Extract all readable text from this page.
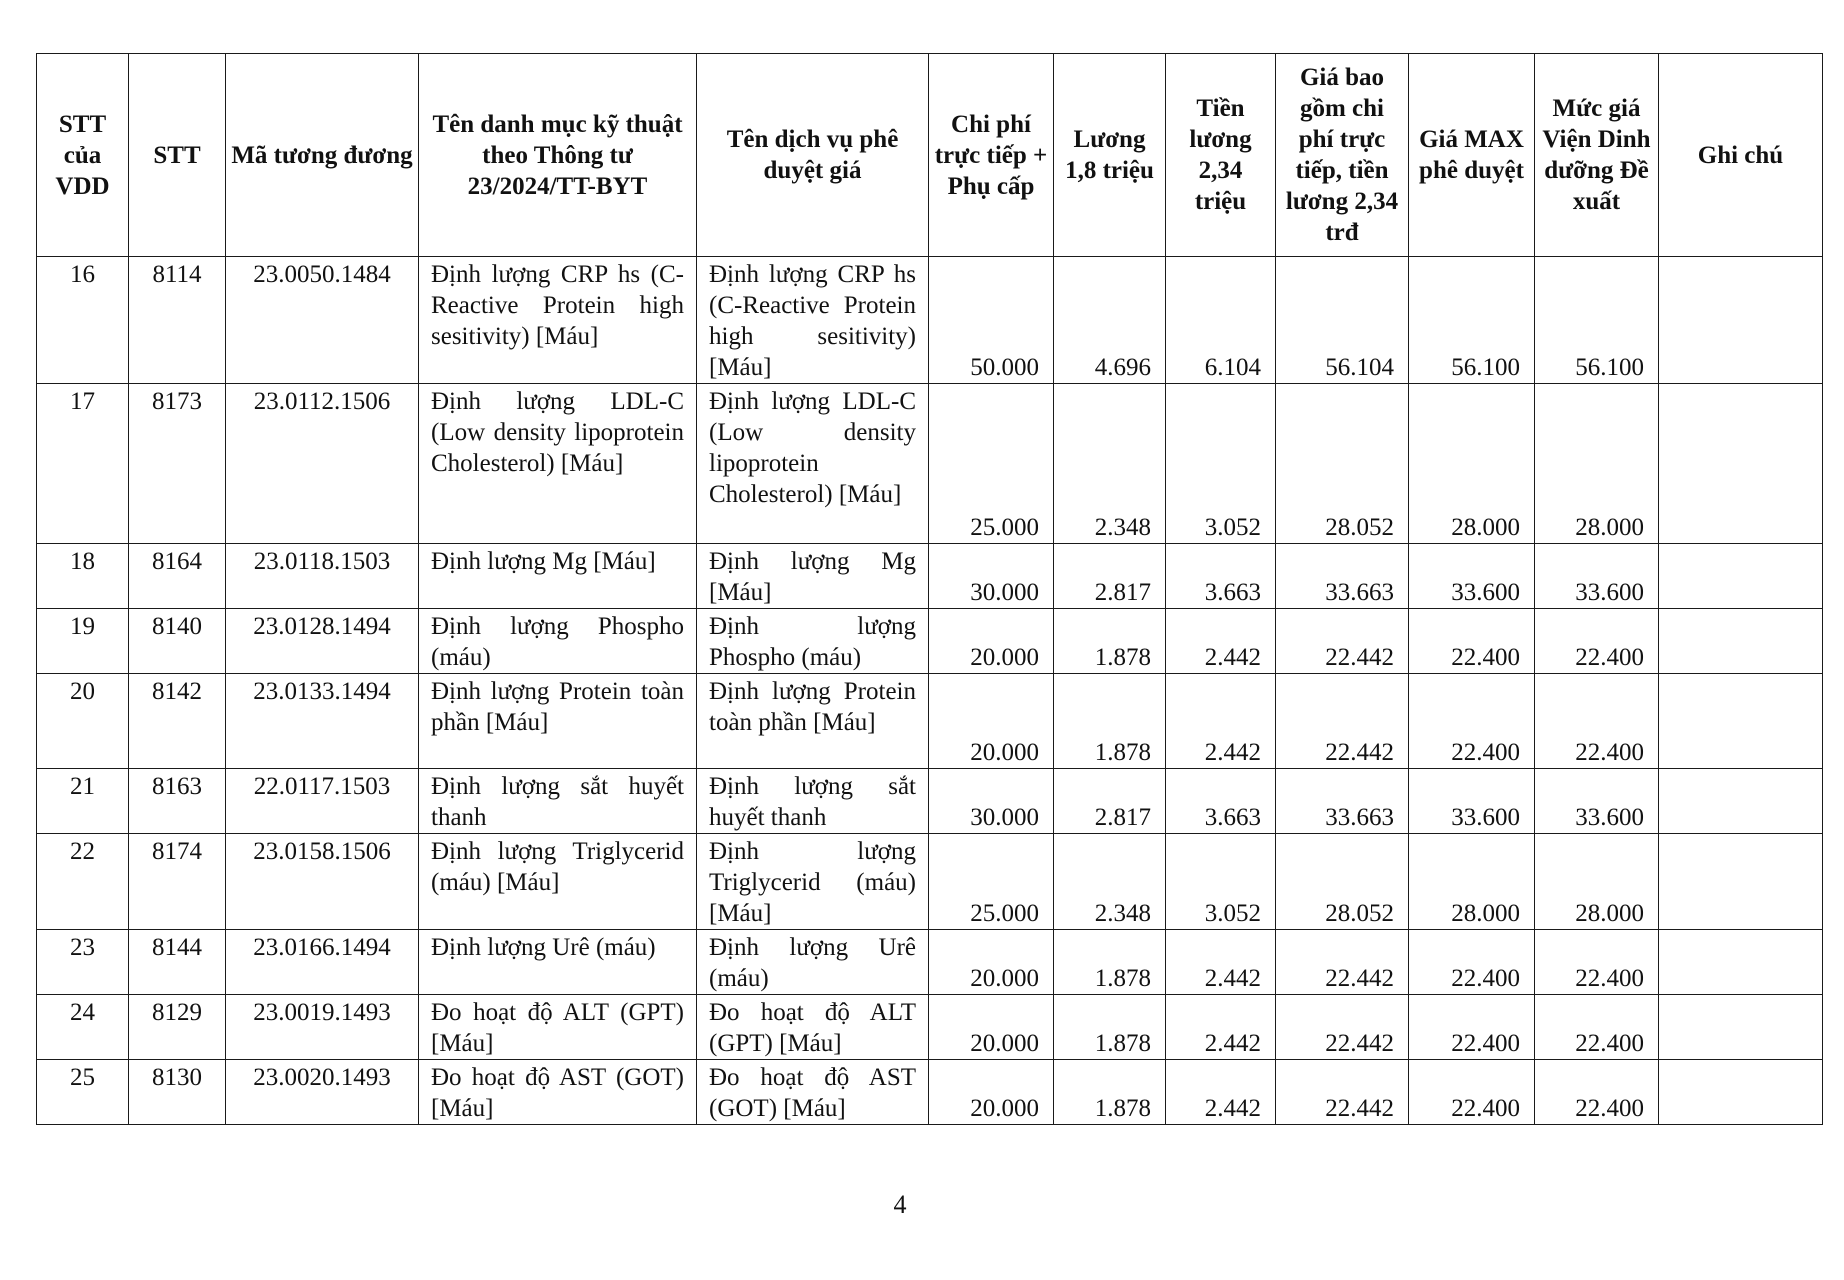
STT của VDD	STT	Mã tương đương	Tên danh mục kỹ thuật theo Thông tư 23/2024/TT-BYT	Tên dịch vụ phê duyệt giá	Chi phí trực tiếp + Phụ cấp	Lương 1,8 triệu	Tiền lương 2,34 triệu	Giá bao gồm chi phí trực tiếp, tiền lương 2,34 trđ	Giá MAX phê duyệt	Mức giá Viện Dinh dưỡng Đề xuất	Ghi chú
16	8114	23.0050.1484	Định lượng CRP hs (C-Reactive Protein high sesitivity) [Máu]	Định lượng CRP hs (C-Reactive Protein high sesitivity) [Máu]	50.000	4.696	6.104	56.104	56.100	56.100	
17	8173	23.0112.1506	Định lượng LDL-C (Low density lipoprotein Cholesterol) [Máu]	Định lượng LDL-C (Low density lipoprotein Cholesterol) [Máu]	25.000	2.348	3.052	28.052	28.000	28.000	
18	8164	23.0118.1503	Định lượng Mg [Máu]	Định lượng Mg [Máu]	30.000	2.817	3.663	33.663	33.600	33.600	
19	8140	23.0128.1494	Định lượng Phospho (máu)	Định lượng Phospho (máu)	20.000	1.878	2.442	22.442	22.400	22.400	
20	8142	23.0133.1494	Định lượng Protein toàn phần [Máu]	Định lượng Protein toàn phần [Máu]	20.000	1.878	2.442	22.442	22.400	22.400	
21	8163	22.0117.1503	Định lượng sắt huyết thanh	Định lượng sắt huyết thanh	30.000	2.817	3.663	33.663	33.600	33.600	
22	8174	23.0158.1506	Định lượng Triglycerid (máu) [Máu]	Định lượng Triglycerid (máu) [Máu]	25.000	2.348	3.052	28.052	28.000	28.000	
23	8144	23.0166.1494	Định lượng Urê (máu)	Định lượng Urê (máu)	20.000	1.878	2.442	22.442	22.400	22.400	
24	8129	23.0019.1493	Đo hoạt độ ALT (GPT) [Máu]	Đo hoạt độ ALT (GPT) [Máu]	20.000	1.878	2.442	22.442	22.400	22.400	
25	8130	23.0020.1493	Đo hoạt độ AST (GOT) [Máu]	Đo hoạt độ AST (GOT) [Máu]	20.000	1.878	2.442	22.442	22.400	22.400	
4
